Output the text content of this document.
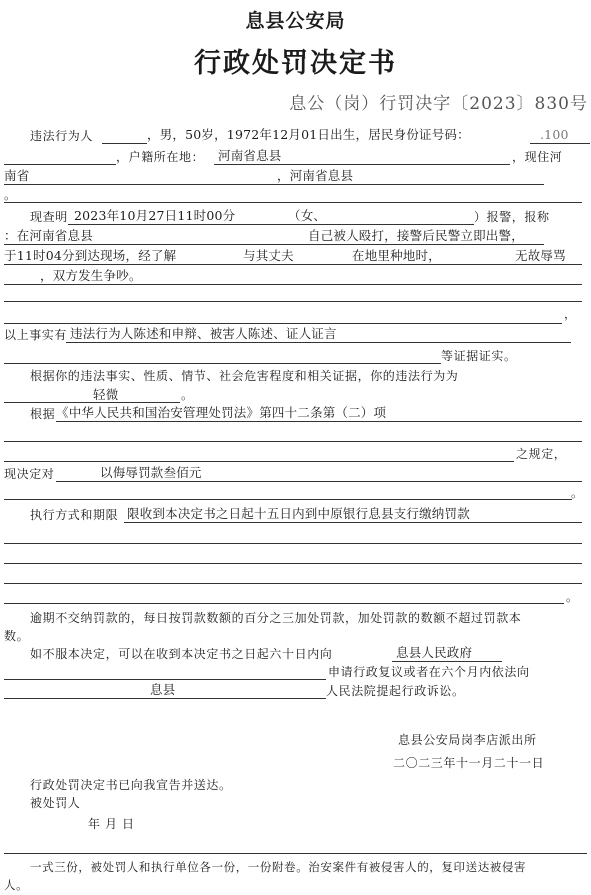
息县公安局
行政处罚决定书
息公（岗）行罚决字〔2023〕830号
违法行为人	，男，50岁，1972年12月01日出生，居民身份证号码：	.100
，户籍所在地： 河南省息县	，现住河
南省	，河南省息县
。
现查明 2023年10月27日11时00分	（女、	）报警，报称
：在河南省息县	自己被人殴打，接警后民警立即出警，
于11时04分到达现场，经了解	与其丈夫	在地里种地时，	无故辱骂
，双方发生争吵。
，
以上事实有 违法行为人陈述和申辩、被害人陈述、证人证言
等证据证实。
根据你的违法事实、性质、情节、社会危害程度和相关证据，你的违法行为为
轻微	。
根据 《中华人民共和国治安管理处罚法》第四十二条第（二）项
之规定，
现决定对	以侮辱罚款叁佰元
。
执行方式和期限 限收到本决定书之日起十五日内到中原银行息县支行缴纳罚款
。
逾期不交纳罚款的，每日按罚款数额的百分之三加处罚款，加处罚款的数额不超过罚款本
数。
如不服本决定，可以在收到本决定书之日起六十日内向	息县人民政府
申请行政复议或者在六个月内依法向
息县	人民法院提起行政诉讼。
息县公安局岗李店派出所
二〇二三年十一月二十一日
行政处罚决定书已向我宣告并送达。
被处罚人
年 月 日
一式三份，被处罚人和执行单位各一份，一份附卷。治安案件有被侵害人的，复印送达被侵害
人。
